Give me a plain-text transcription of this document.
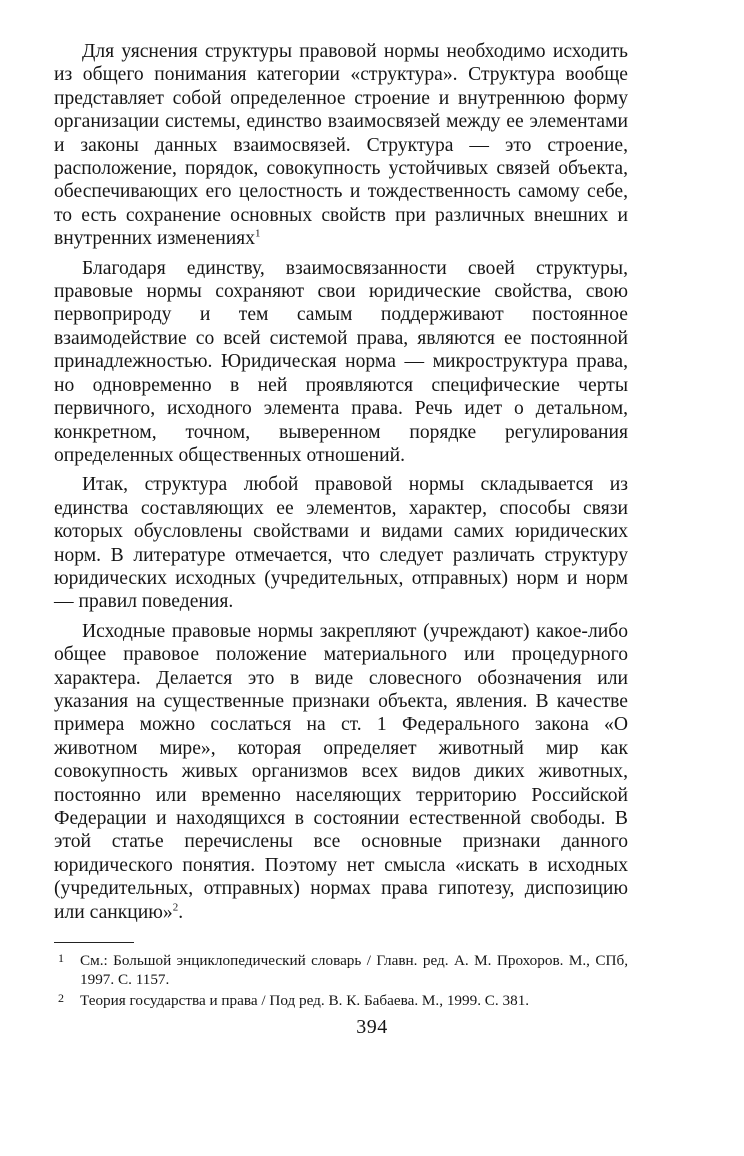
Для уяснения структуры правовой нормы необходимо исходить из общего понимания категории «структура». Структура вообще представляет собой определенное строение и внутреннюю форму организации системы, единство взаимосвязей между ее элементами и законы данных взаимосвязей. Структура — это строение, расположение, порядок, совокупность устойчивых связей объекта, обеспечивающих его целостность и тождественность самому себе, то есть сохранение основных свойств при различных внешних и внутренних изменениях$^1$

Благодаря единству, взаимосвязанности своей структуры, правовые нормы сохраняют свои юридические свойства, свою первоприроду и тем самым поддерживают постоянное взаимодействие со всей системой права, являются ее постоянной принадлежностью. Юридическая норма — микроструктура права, но одновременно в ней проявляются специфические черты первичного, исходного элемента права. Речь идет о детальном, конкретном, точном, выверенном порядке регулирования определенных общественных отношений.

Итак, структура любой правовой нормы складывается из единства составляющих ее элементов, характер, способы связи которых обусловлены свойствами и видами самих юридических норм. В литературе отмечается, что следует различать структуру юридических исходных (учредительных, отправных) норм и норм — правил поведения.

Исходные правовые нормы закрепляют (учреждают) какое-либо общее правовое положение материального или процедурного характера. Делается это в виде словесного обозначения или указания на существенные признаки объекта, явления. В качестве примера можно сослаться на ст. 1 Федерального закона «О животном мире», которая определяет животный мир как совокупность живых организмов всех видов диких животных, постоянно или временно населяющих территорию Российской Федерации и находящихся в состоянии естественной свободы. В этой статье перечислены все основные признаки данного юридического понятия. Поэтому нет смысла «искать в исходных (учредительных, отправных) нормах права гипотезу, диспозицию или санкцию»$^2$.

1 См.: Большой энциклопедический словарь / Главн. ред. А. М. Прохоров. М., СПб, 1997. С. 1157.
2 Теория государства и права / Под ред. В. К. Бабаева. М., 1999. С. 381.
394
